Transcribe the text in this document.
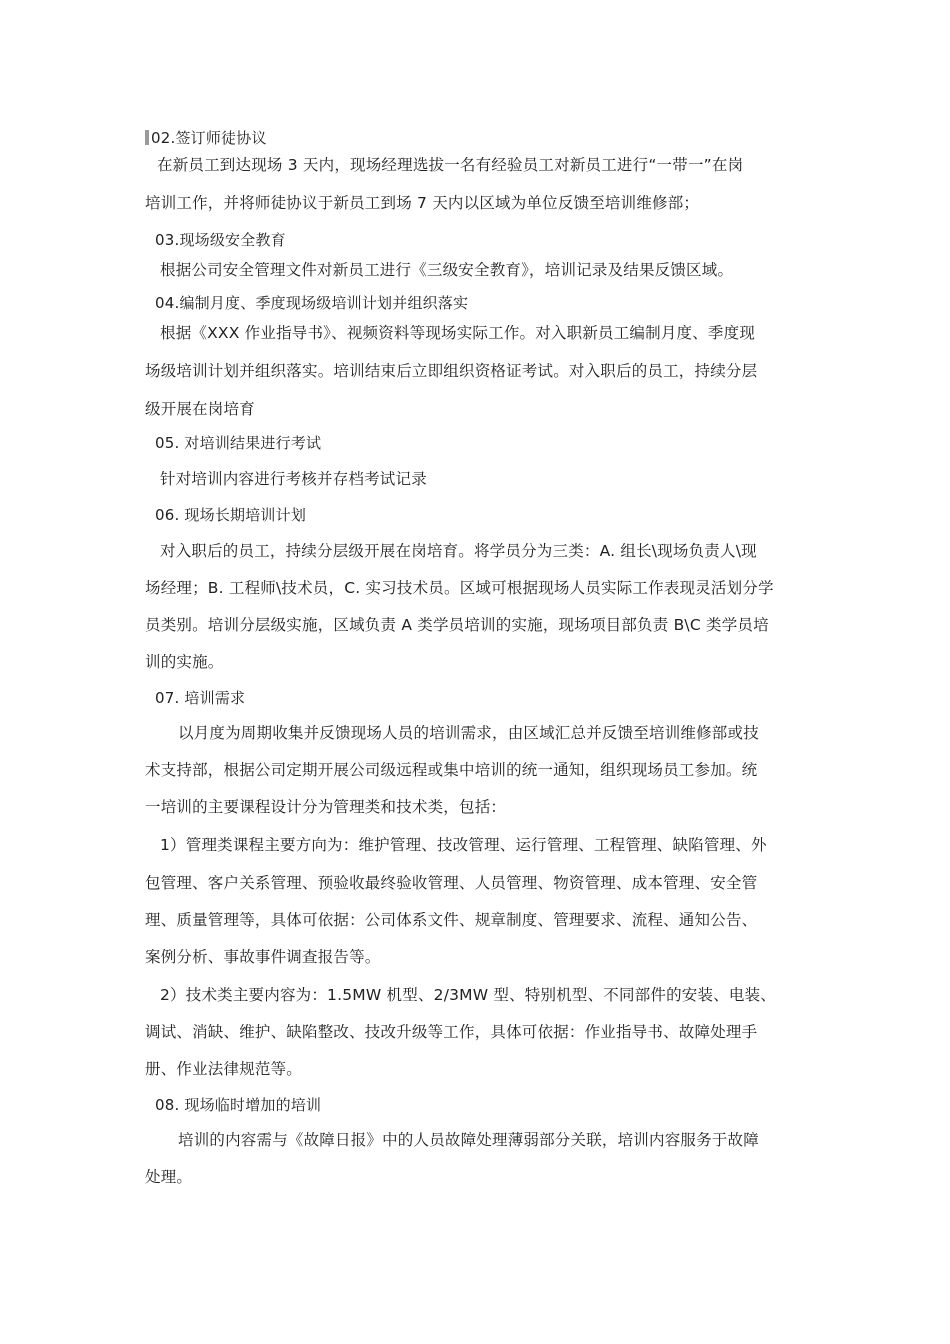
02.签订师徒协议
在新员工到达现场 3 天内，现场经理选拔一名有经验员工对新员工进行“一带一”在岗
培训工作，并将师徒协议于新员工到场 7 天内以区域为单位反馈至培训维修部；
03.现场级安全教育
根据公司安全管理文件对新员工进行《三级安全教育》，培训记录及结果反馈区域。
04.编制月度、季度现场级培训计划并组织落实
根据《XXX 作业指导书》、视频资料等现场实际工作。对入职新员工编制月度、季度现
场级培训计划并组织落实。培训结束后立即组织资格证考试。对入职后的员工，持续分层
级开展在岗培育
05. 对培训结果进行考试
针对培训内容进行考核并存档考试记录
06. 现场长期培训计划
对入职后的员工，持续分层级开展在岗培育。将学员分为三类：A. 组长\现场负责人\现
场经理；B. 工程师\技术员，C. 实习技术员。区域可根据现场人员实际工作表现灵活划分学
员类别。培训分层级实施，区域负责 A 类学员培训的实施，现场项目部负责 B\C 类学员培
训的实施。
07. 培训需求
以月度为周期收集并反馈现场人员的培训需求，由区域汇总并反馈至培训维修部或技
术支持部，根据公司定期开展公司级远程或集中培训的统一通知，组织现场员工参加。统
一培训的主要课程设计分为管理类和技术类，包括：
1）管理类课程主要方向为：维护管理、技改管理、运行管理、工程管理、缺陷管理、外
包管理、客户关系管理、预验收最终验收管理、人员管理、物资管理、成本管理、安全管
理、质量管理等，具体可依据：公司体系文件、规章制度、管理要求、流程、通知公告、
案例分析、事故事件调查报告等。
2）技术类主要内容为：1.5MW 机型、2/3MW 型、特别机型、不同部件的安装、电装、
调试、消缺、维护、缺陷整改、技改升级等工作，具体可依据：作业指导书、故障处理手
册、作业法律规范等。
08. 现场临时增加的培训
培训的内容需与《故障日报》中的人员故障处理薄弱部分关联，培训内容服务于故障
处理。
